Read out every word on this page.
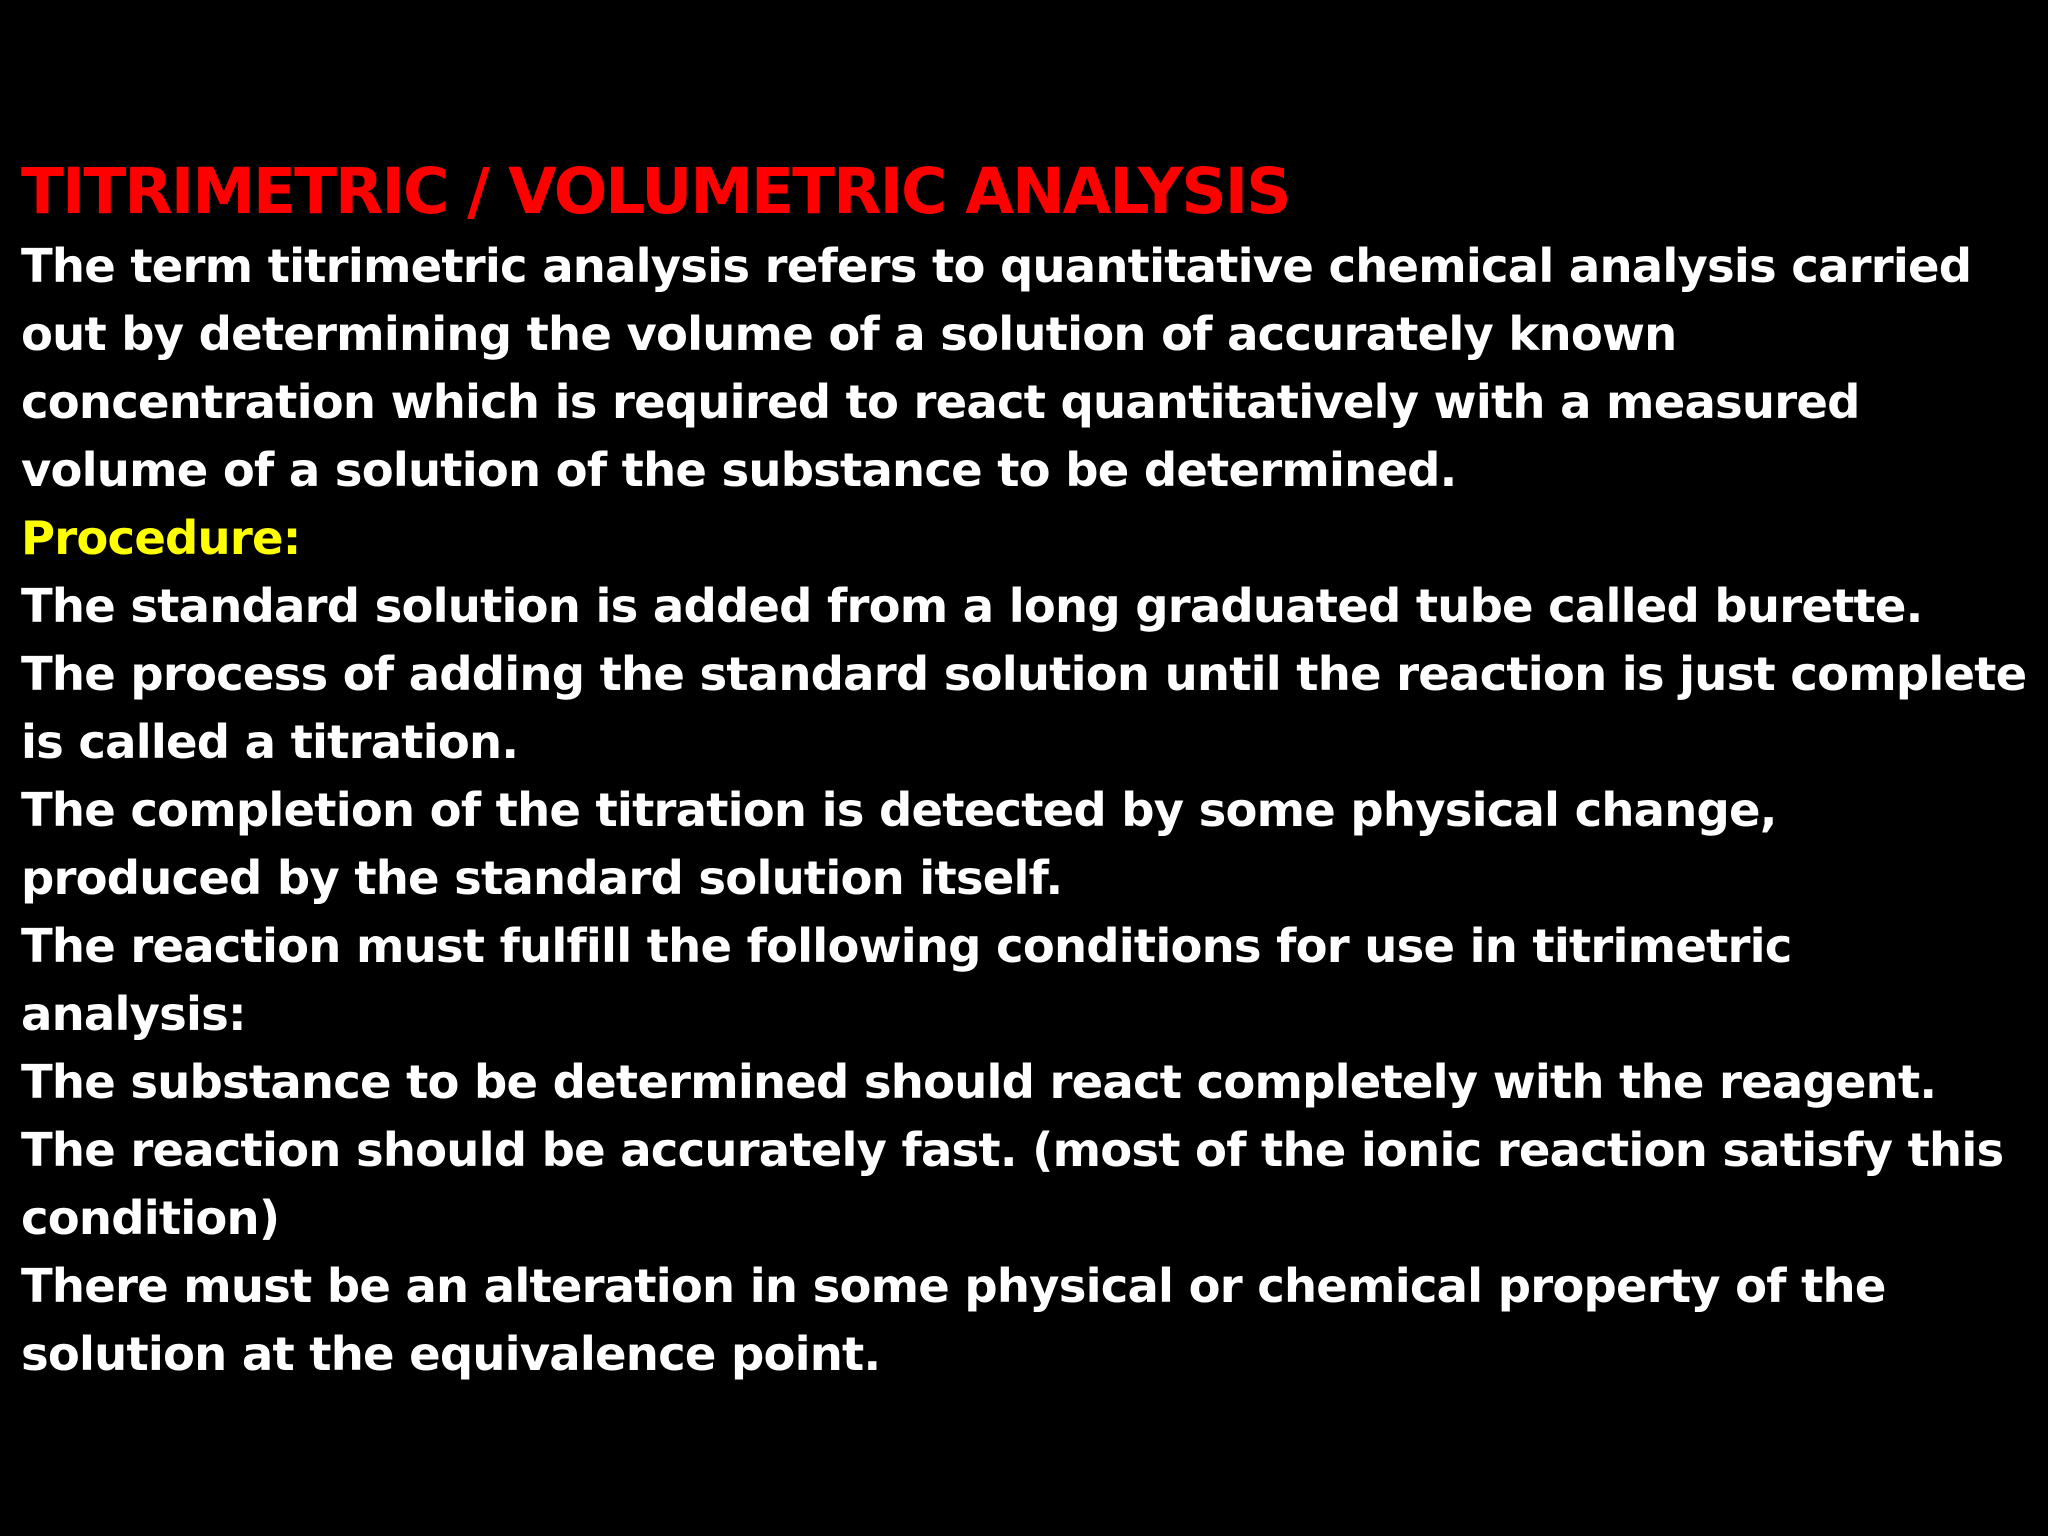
TITRIMETRIC / VOLUMETRIC ANALYSIS

The term titrimetric analysis refers to quantitative chemical analysis carried out by determining the volume of a solution of accurately known concentration which is required to react quantitatively with a measured volume of a solution of the substance to be determined.

Procedure:

The standard solution is added from a long graduated tube called burette.

The process of adding the standard solution until the reaction is just complete is called a titration.

The completion of the titration is detected by some physical change, produced by the standard solution itself.

The reaction must fulfill the following conditions for use in titrimetric analysis:

The substance to be determined should react completely with the reagent.

The reaction should be accurately fast. (most of the ionic reaction satisfy this condition)

There must be an alteration in some physical or chemical property of the solution at the equivalence point.
